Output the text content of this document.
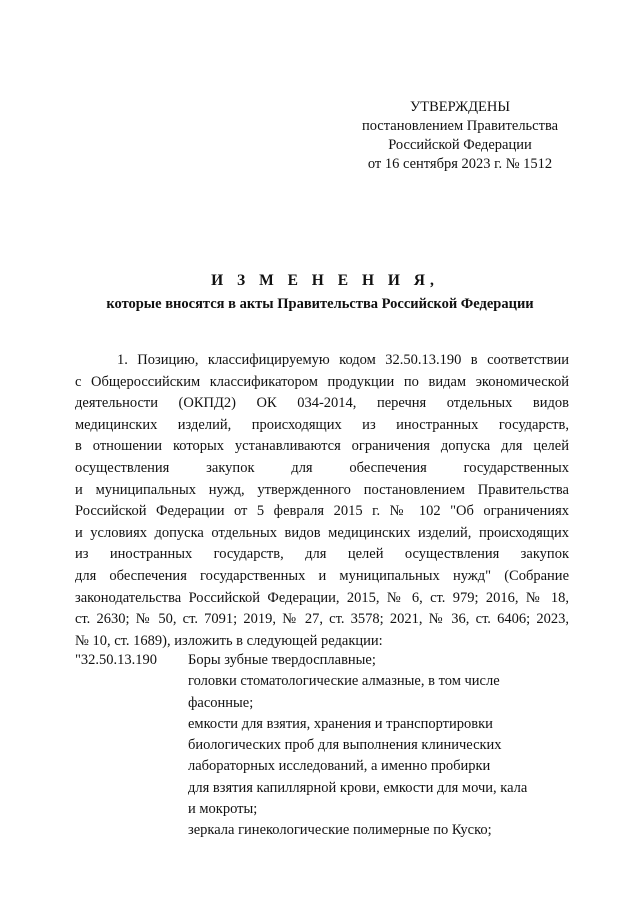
УТВЕРЖДЕНЫ
постановлением Правительства
Российской Федерации
от 16 сентября 2023 г. № 1512
И З М Е Н Е Н И Я,
которые вносятся в акты Правительства Российской Федерации
1. Позицию, классифицируемую кодом 32.50.13.190 в соответствии
с Общероссийским классификатором продукции по видам экономической
деятельности (ОКПД2) ОК 034-2014, перечня отдельных видов
медицинских изделий, происходящих из иностранных государств,
в отношении которых устанавливаются ограничения допуска для целей
осуществления закупок для обеспечения государственных
и муниципальных нужд, утвержденного постановлением Правительства
Российской Федерации от 5 февраля 2015 г. № 102 "Об ограничениях
и условиях допуска отдельных видов медицинских изделий, происходящих
из иностранных государств, для целей осуществления закупок
для обеспечения государственных и муниципальных нужд" (Собрание
законодательства Российской Федерации, 2015, № 6, ст. 979; 2016, № 18,
ст. 2630; № 50, ст. 7091; 2019, № 27, ст. 3578; 2021, № 36, ст. 6406; 2023,
№ 10, ст. 1689), изложить в следующей редакции:
"32.50.13.190 Боры зубные твердосплавные;
головки стоматологические алмазные, в том числе
фасонные;
емкости для взятия, хранения и транспортировки
биологических проб для выполнения клинических
лабораторных исследований, а именно пробирки
для взятия капиллярной крови, емкости для мочи, кала
и мокроты;
зеркала гинекологические полимерные по Куско;
